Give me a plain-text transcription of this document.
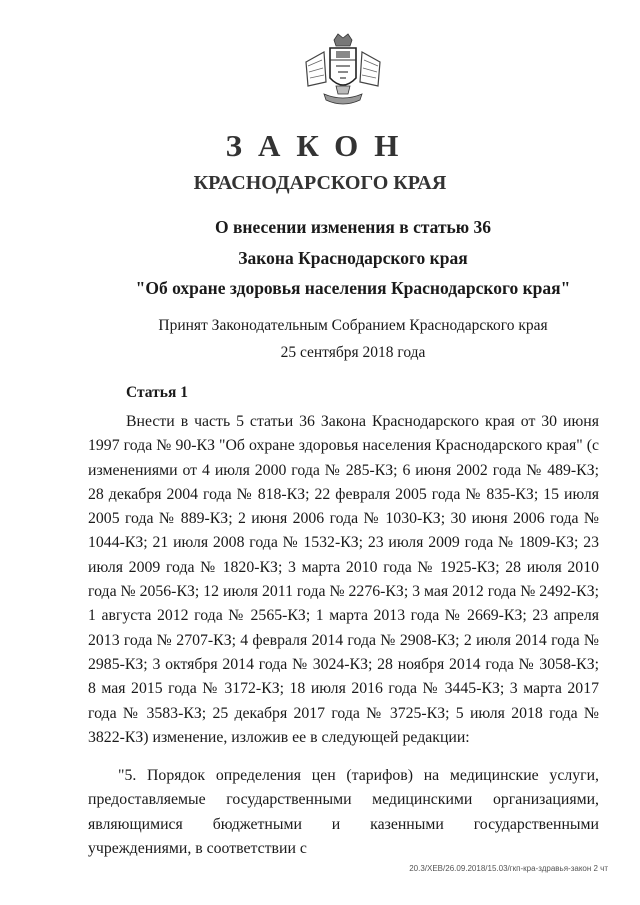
ЗАКОН
КРАСНОДАРСКОГО КРАЯ
О внесении изменения в статью 36
Закона Краснодарского края
"Об охране здоровья населения Краснодарского края"
Принят Законодательным Собранием Краснодарского края
25 сентября 2018 года
Статья 1
Внести в часть 5 статьи 36 Закона Краснодарского края от 30 июня 1997 года № 90-КЗ "Об охране здоровья населения Краснодарского края" (с изменениями от 4 июля 2000 года № 285-КЗ; 6 июня 2002 года № 489-КЗ; 28 декабря 2004 года № 818-КЗ; 22 февраля 2005 года № 835-КЗ; 15 июля 2005 года № 889-КЗ; 2 июня 2006 года № 1030-КЗ; 30 июня 2006 года № 1044-КЗ; 21 июля 2008 года № 1532-КЗ; 23 июля 2009 года № 1809-КЗ; 23 июля 2009 года № 1820-КЗ; 3 марта 2010 года № 1925-КЗ; 28 июля 2010 года № 2056-КЗ; 12 июля 2011 года № 2276-КЗ; 3 мая 2012 года № 2492-КЗ; 1 августа 2012 года № 2565-КЗ; 1 марта 2013 года № 2669-КЗ; 23 апреля 2013 года № 2707-КЗ; 4 февраля 2014 года № 2908-КЗ; 2 июля 2014 года № 2985-КЗ; 3 октября 2014 года № 3024-КЗ; 28 ноября 2014 года № 3058-КЗ; 8 мая 2015 года № 3172-КЗ; 18 июля 2016 года № 3445-КЗ; 3 марта 2017 года № 3583-КЗ; 25 декабря 2017 года № 3725-КЗ; 5 июля 2018 года № 3822-КЗ) изменение, изложив ее в следующей редакции:
"5. Порядок определения цен (тарифов) на медицинские услуги, предоставляемые государственными медицинскими организациями, являющимися бюджетными и казенными государственными учреждениями, в соответствии с
20.3/ХЕВ/26.09.2018/15.03/гкп-кра-здравья-закон 2 чт
